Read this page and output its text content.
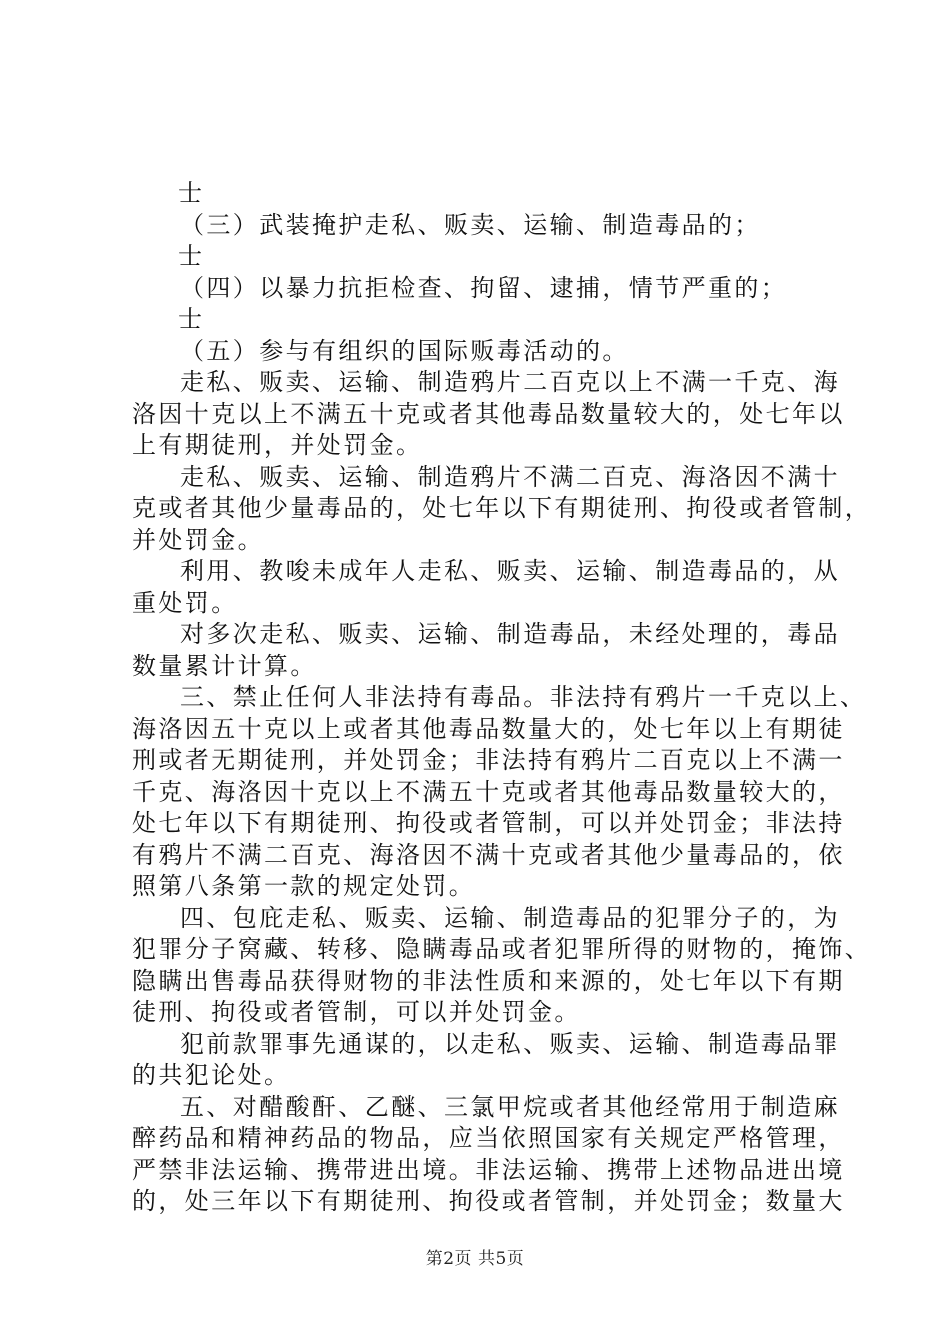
士
（三）武装掩护走私、贩卖、运输、制造毒品的；
士
（四）以暴力抗拒检查、拘留、逮捕，情节严重的；
士
（五）参与有组织的国际贩毒活动的。
走私、贩卖、运输、制造鸦片二百克以上不满一千克、海
洛因十克以上不满五十克或者其他毒品数量较大的，处七年以
上有期徒刑，并处罚金。
走私、贩卖、运输、制造鸦片不满二百克、海洛因不满十
克或者其他少量毒品的，处七年以下有期徒刑、拘役或者管制，
并处罚金。
利用、教唆未成年人走私、贩卖、运输、制造毒品的，从
重处罚。
对多次走私、贩卖、运输、制造毒品，未经处理的，毒品
数量累计计算。
三、禁止任何人非法持有毒品。非法持有鸦片一千克以上、
海洛因五十克以上或者其他毒品数量大的，处七年以上有期徒
刑或者无期徒刑，并处罚金；非法持有鸦片二百克以上不满一
千克、海洛因十克以上不满五十克或者其他毒品数量较大的，
处七年以下有期徒刑、拘役或者管制，可以并处罚金；非法持
有鸦片不满二百克、海洛因不满十克或者其他少量毒品的，依
照第八条第一款的规定处罚。
四、包庇走私、贩卖、运输、制造毒品的犯罪分子的，为
犯罪分子窝藏、转移、隐瞒毒品或者犯罪所得的财物的，掩饰、
隐瞒出售毒品获得财物的非法性质和来源的，处七年以下有期
徒刑、拘役或者管制，可以并处罚金。
犯前款罪事先通谋的，以走私、贩卖、运输、制造毒品罪
的共犯论处。
五、对醋酸酐、乙醚、三氯甲烷或者其他经常用于制造麻
醉药品和精神药品的物品，应当依照国家有关规定严格管理，
严禁非法运输、携带进出境。非法运输、携带上述物品进出境
的，处三年以下有期徒刑、拘役或者管制，并处罚金；数量大
第2页 共5页
